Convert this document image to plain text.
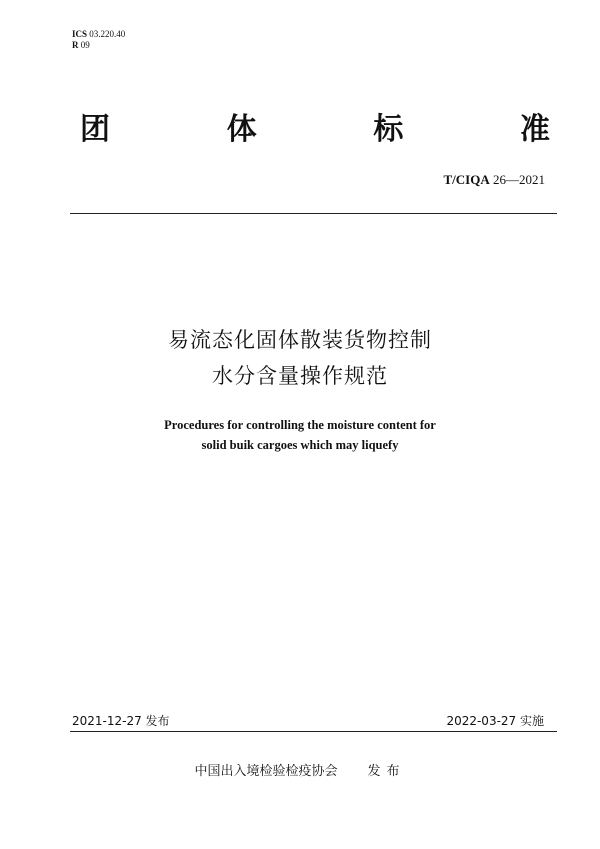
ICS 03.220.40
R 09
团	体	标	准
T/CIQA 26—2021
易流态化固体散装货物控制
水分含量操作规范
Procedures for controlling the moisture content for
solid buik cargoes which may liquefy
2021-12-27 发布	2022-03-27 实施
中国出入境检验检疫协会 发布
